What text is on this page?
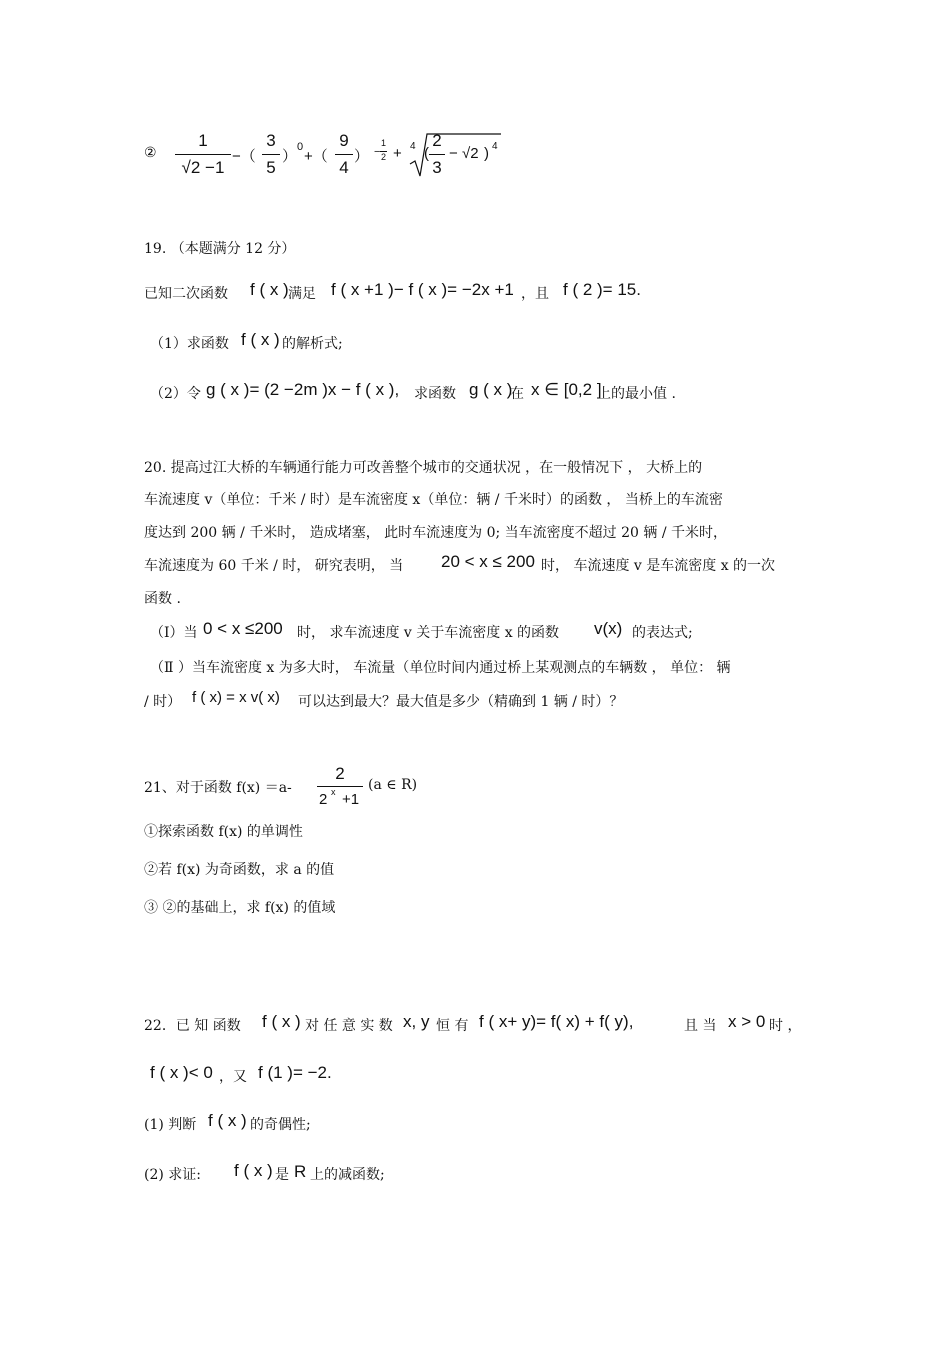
②
1
√2 −1
−（
3
5
）
0
+（
9
4
） −
1
2 + 4 (
2
3
− √2 ) 4
19. （本题满分 12 分）
已知二次函数 f ( x ) 满足 f ( x +1 )− f ( x )= −2x +1 ，且 f ( 2 )= 15.
（1）求函数 f ( x ) 的解析式;
（2）令 g ( x )= (2 −2m )x − f ( x ), 求函数 g ( x )
在 x ∈ [0,2 ]
上的最小值 .
20. 提高过江大桥的车辆通行能力可改善整个城市的交通状况 ，在一般情况下 ， 大桥上的
车流速度 v（单位：千米 / 时）是车流密度 x（单位：辆 / 千米时）的函数 ， 当桥上的车流密
度达到 200 辆 / 千米时， 造成堵塞， 此时车流速度为 0; 当车流密度不超过 20 辆 / 千米时，
车流速度为 60 千米 / 时， 研究表明， 当 20 < x ≤ 200 时， 车流速度 v 是车流密度 x 的一次
函数 .
（Ⅰ）当 0 < x ≤200 时， 求车流速度 v 关于车流密度 x 的函数 v(x) 的表达式;
（Ⅱ ）当车流密度 x 为多大时， 车流量（单位时间内通过桥上某观测点的车辆数 ， 单位： 辆
/ 时） f ( x) = x v( x) 可以达到最大？最大值是多少（精确到 1 辆 / 时）？
21、对于函数 f(x) ＝a-
2
2 x +1
(a ∈ R)
①探索函数 f(x) 的单调性
②若 f(x) 为奇函数，求 a 的值
③ ②的基础上，求 f(x) 的值域
22．已 知 函数 f ( x ) 对 任 意 实 数 x, y 恒 有 f ( x+ y)= f( x) + f( y),	且 当 x > 0 时 ，
f ( x )< 0 ，又 f (1 )= −2.
(1) 判断 f ( x ) 的奇偶性;
(2) 求证: f ( x ) 是 R 上的减函数;
